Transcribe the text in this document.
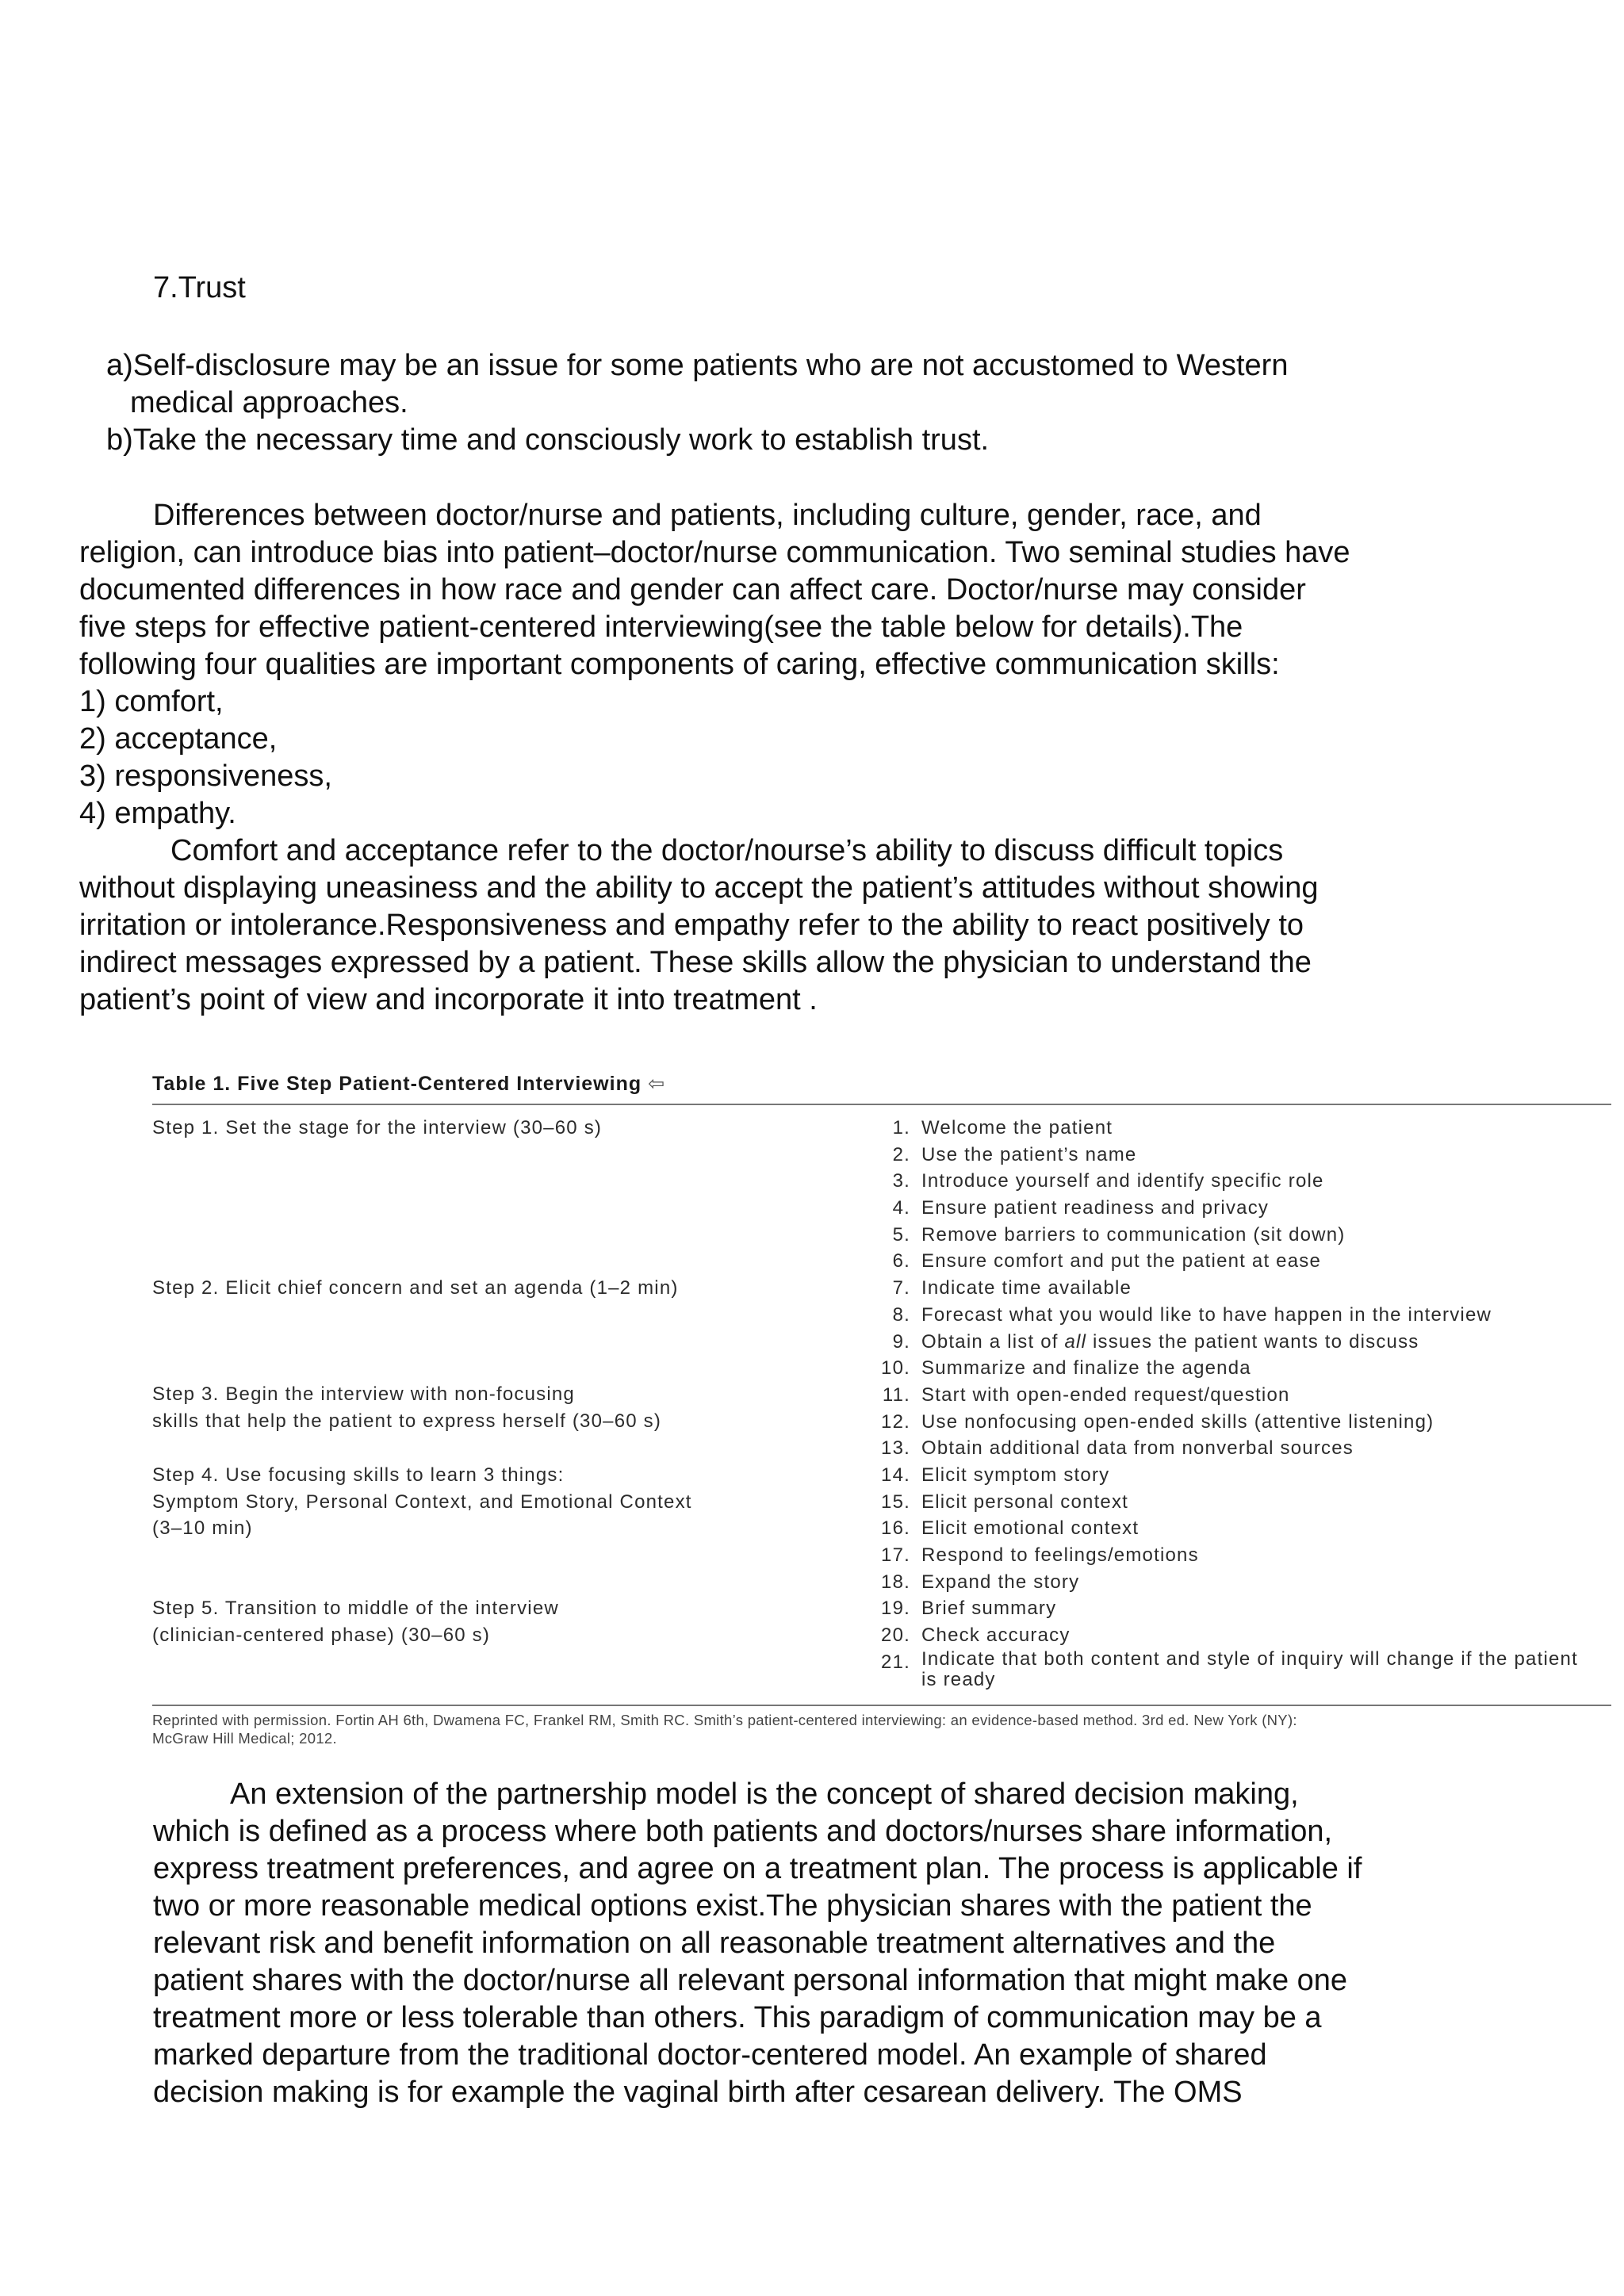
7.Trust
a)Self-disclosure may be an issue for some patients who are not accustomed to Western
medical approaches.
b)Take the necessary time and consciously work to establish trust.
Differences between doctor/nurse and patients, including culture, gender, race, and
religion, can introduce bias into patient–doctor/nurse communication. Two seminal studies have
documented differences in how race and gender can affect care. Doctor/nurse may consider
five steps for effective patient-centered interviewing(see the table below for details).The
following four qualities are important components of caring, effective communication skills:
1) comfort,
2) acceptance,
3) responsiveness,
4) empathy.
Comfort and acceptance refer to the doctor/nourse’s ability to discuss difficult topics
without displaying uneasiness and the ability to accept the patient’s attitudes without showing
irritation or intolerance.Responsiveness and empathy refer to the ability to react positively to
indirect messages expressed by a patient. These skills allow the physician to understand the
patient’s point of view and incorporate it into treatment .
Table 1. Five Step Patient-Centered Interviewing ⇦
Step 1. Set the stage for the interview (30–60 s)
Step 2. Elicit chief concern and set an agenda (1–2 min)
Step 3. Begin the interview with non-focusing
skills that help the patient to express herself (30–60 s)
Step 4. Use focusing skills to learn 3 things:
Symptom Story, Personal Context, and Emotional Context
(3–10 min)
Step 5. Transition to middle of the interview
(clinician-centered phase) (30–60 s)
1. Welcome the patient
2. Use the patient’s name
3. Introduce yourself and identify specific role
4. Ensure patient readiness and privacy
5. Remove barriers to communication (sit down)
6. Ensure comfort and put the patient at ease
7. Indicate time available
8. Forecast what you would like to have happen in the interview
9. Obtain a list of all issues the patient wants to discuss
10. Summarize and finalize the agenda
11. Start with open-ended request/question
12. Use nonfocusing open-ended skills (attentive listening)
13. Obtain additional data from nonverbal sources
14. Elicit symptom story
15. Elicit personal context
16. Elicit emotional context
17. Respond to feelings/emotions
18. Expand the story
19. Brief summary
20. Check accuracy
21. Indicate that both content and style of inquiry will change if the patient is ready
Reprinted with permission. Fortin AH 6th, Dwamena FC, Frankel RM, Smith RC. Smith’s patient-centered interviewing: an evidence-based method. 3rd ed. New York (NY):
McGraw Hill Medical; 2012.
An extension of the partnership model is the concept of shared decision making,
which is defined as a process where both patients and doctors/nurses share information,
express treatment preferences, and agree on a treatment plan. The process is applicable if
two or more reasonable medical options exist.The physician shares with the patient the
relevant risk and benefit information on all reasonable treatment alternatives and the
patient shares with the doctor/nurse all relevant personal information that might make one
treatment more or less tolerable than others. This paradigm of communication may be a
marked departure from the traditional doctor-centered model. An example of shared
decision making is for example the vaginal birth after cesarean delivery. The OMS
